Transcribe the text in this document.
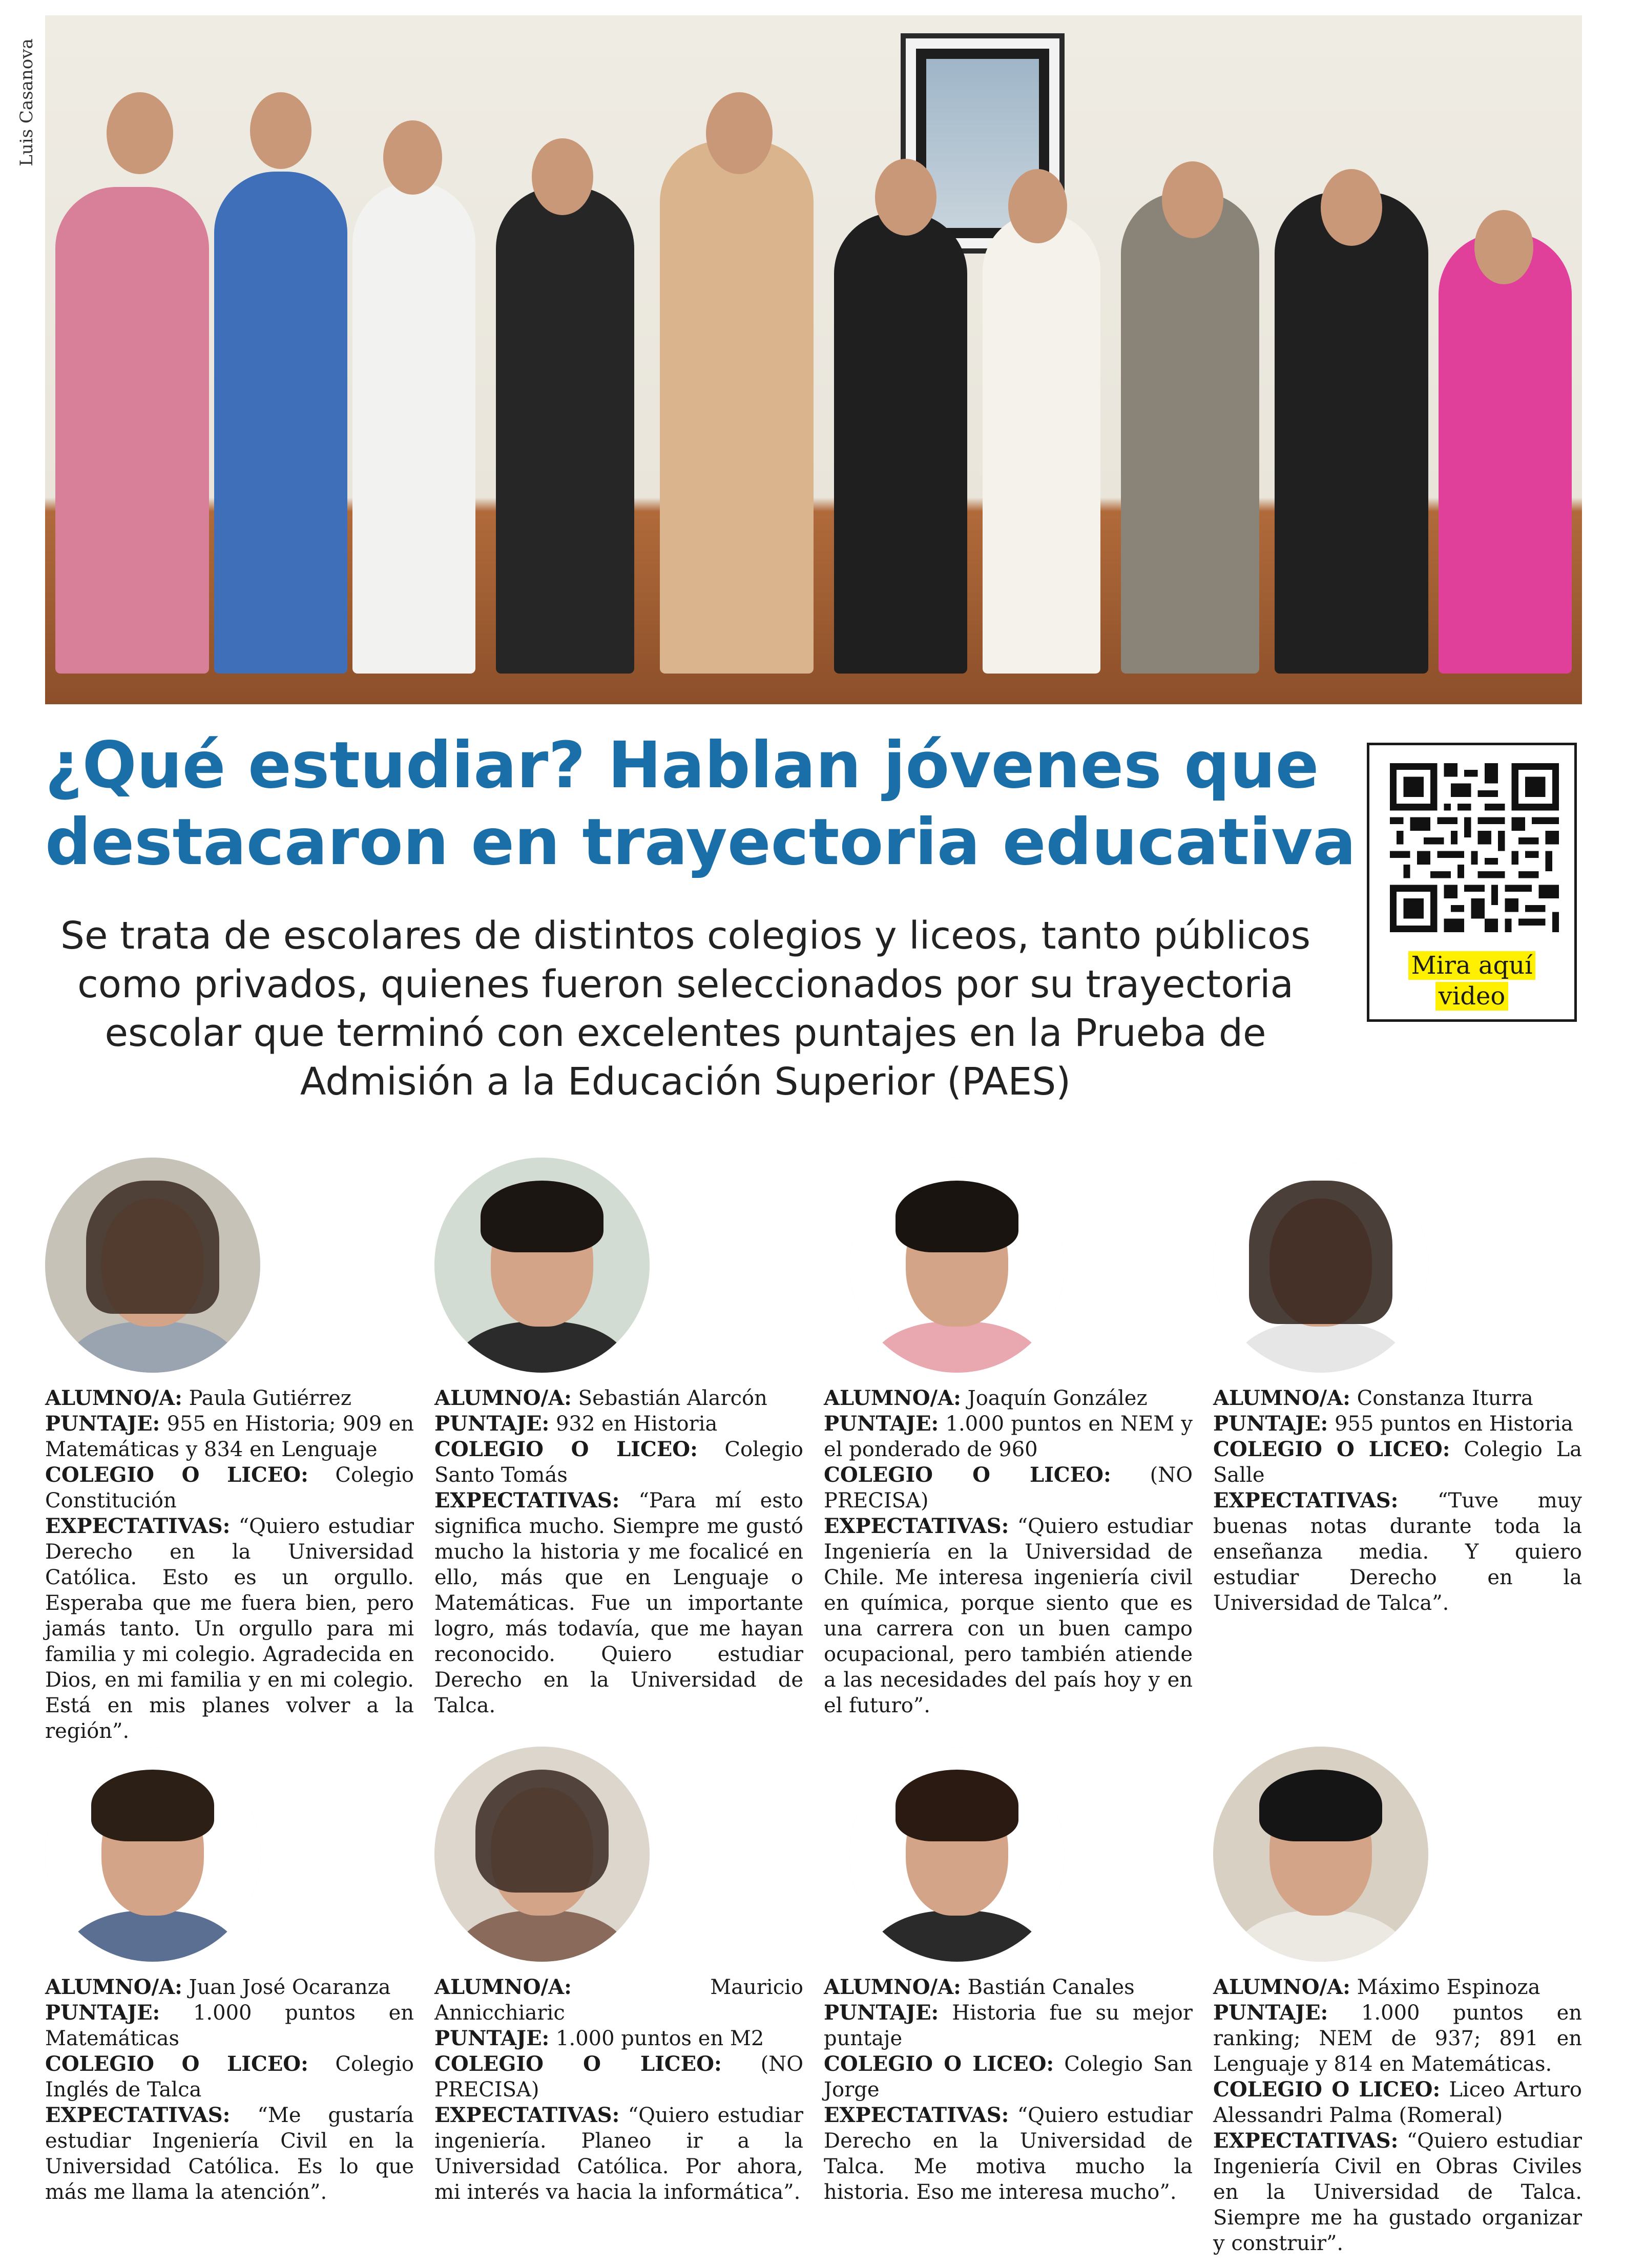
Luis Casanova
¿Qué estudiar? Hablan jóvenes que destacaron en trayectoria educativa

Se trata de escolares de distintos colegios y liceos, tanto públicos como privados, quienes fueron seleccionados por su trayectoria escolar que terminó con excelentes puntajes en la Prueba de Admisión a la Educación Superior (PAES)

Mira aquí
video
ALUMNO/A: Paula Gutiérrez
PUNTAJE: 955 en Historia; 909 en Matemáticas y 834 en Lenguaje
COLEGIO O LICEO: Colegio Constitución
EXPECTATIVAS: “Quiero estudiar Derecho en la Universidad Católica. Esto es un orgullo. Esperaba que me fuera bien, pero jamás tanto. Un orgullo para mi familia y mi colegio. Agradecida en Dios, en mi familia y en mi colegio. Está en mis planes volver a la región”.
ALUMNO/A: Sebastián Alarcón
PUNTAJE: 932 en Historia
COLEGIO O LICEO: Colegio Santo Tomás
EXPECTATIVAS: “Para mí esto significa mucho. Siempre me gustó mucho la historia y me focalicé en ello, más que en Lenguaje o Matemáticas. Fue un importante logro, más todavía, que me hayan reconocido. Quiero estudiar Derecho en la Universidad de Talca.
ALUMNO/A: Joaquín González
PUNTAJE: 1.000 puntos en NEM y el ponderado de 960
COLEGIO O LICEO: (NO PRECISA)
EXPECTATIVAS: “Quiero estudiar Ingeniería en la Universidad de Chile. Me interesa ingeniería civil en química, porque siento que es una carrera con un buen campo ocupacional, pero también atiende a las necesidades del país hoy y en el futuro”.
ALUMNO/A: Constanza Iturra
PUNTAJE: 955 puntos en Historia
COLEGIO O LICEO: Colegio La Salle
EXPECTATIVAS: “Tuve muy buenas notas durante toda la enseñanza media. Y quiero estudiar Derecho en la Universidad de Talca”.
ALUMNO/A: Juan José Ocaranza
PUNTAJE: 1.000 puntos en Matemáticas
COLEGIO O LICEO: Colegio Inglés de Talca
EXPECTATIVAS: “Me gustaría estudiar Ingeniería Civil en la Universidad Católica. Es lo que más me llama la atención”.
ALUMNO/A:	Mauricio Annicchiaric
PUNTAJE: 1.000 puntos en M2
COLEGIO O LICEO: (NO PRECISA)
EXPECTATIVAS: “Quiero estudiar ingeniería. Planeo ir a la Universidad Católica. Por ahora, mi interés va hacia la informática”.
ALUMNO/A: Bastián Canales
PUNTAJE: Historia fue su mejor puntaje
COLEGIO O LICEO: Colegio San Jorge
EXPECTATIVAS: “Quiero estudiar Derecho en la Universidad de Talca. Me motiva mucho la historia. Eso me interesa mucho”.
ALUMNO/A: Máximo Espinoza
PUNTAJE: 1.000 puntos en ranking; NEM de 937; 891 en Lenguaje y 814 en Matemáticas.
COLEGIO O LICEO: Liceo Arturo Alessandri Palma (Romeral)
EXPECTATIVAS: “Quiero estudiar Ingeniería Civil en Obras Civiles en la Universidad de Talca. Siempre me ha gustado organizar y construir”.
